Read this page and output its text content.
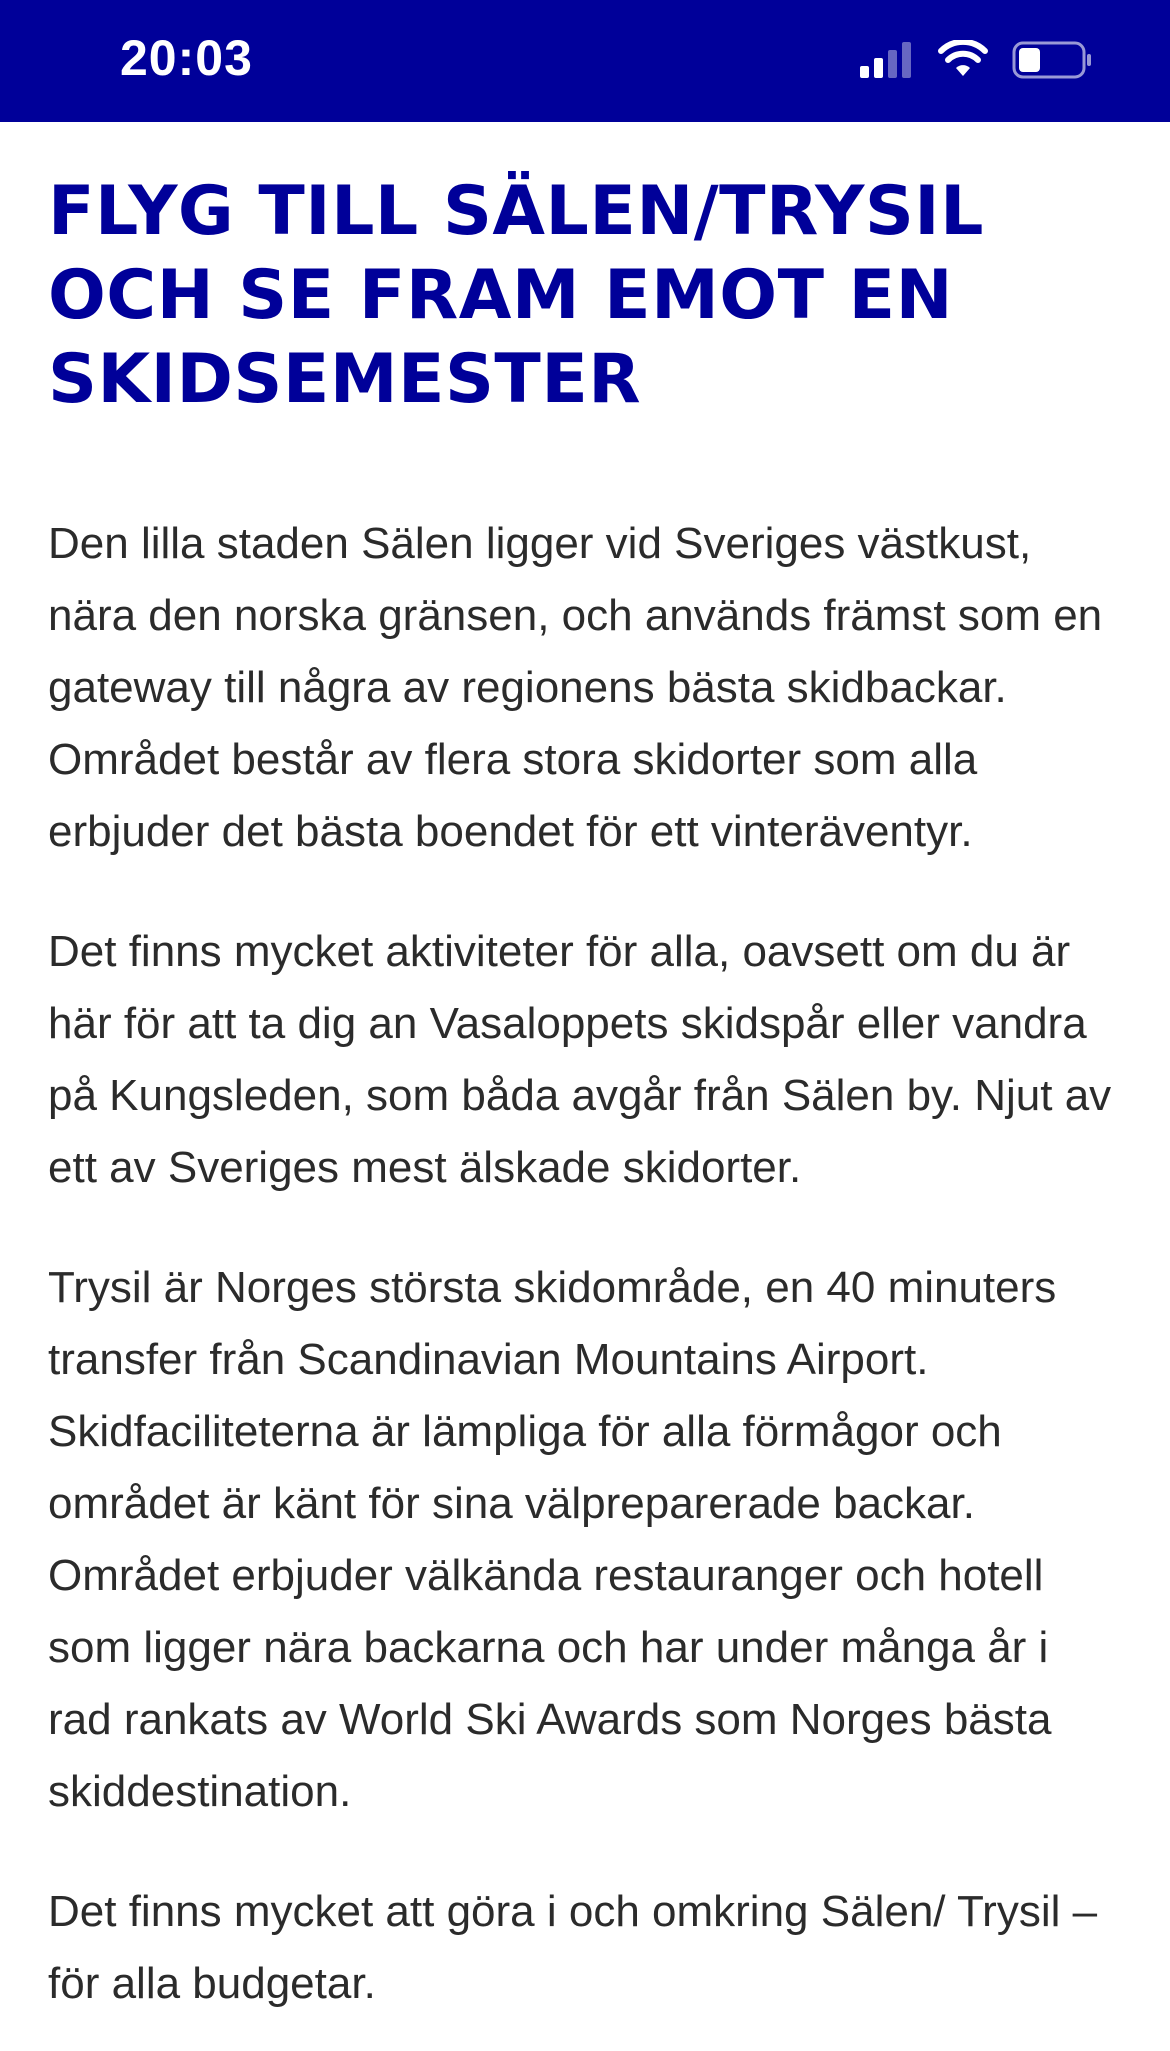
20:03
FLYG TILL SÄLEN/TRYSIL OCH SE FRAM EMOT EN SKIDSEMESTER

Den lilla staden Sälen ligger vid Sveriges västkust, nära den norska gränsen, och används främst som en gateway till några av regionens bästa skidbackar. Området består av flera stora skidorter som alla erbjuder det bästa boendet för ett vinteräventyr.

Det finns mycket aktiviteter för alla, oavsett om du är här för att ta dig an Vasaloppets skidspår eller vandra på Kungsleden, som båda avgår från Sälen by. Njut av ett av Sveriges mest älskade skidorter.

Trysil är Norges största skidområde, en 40 minuters transfer från Scandinavian Mountains Airport. Skidfaciliteterna är lämpliga för alla förmågor och området är känt för sina välpreparerade backar. Området erbjuder välkända restauranger och hotell som ligger nära backarna och har under många år i rad rankats av World Ski Awards som Norges bästa skiddestination.

Det finns mycket att göra i och omkring Sälen/ Trysil – för alla budgetar.
